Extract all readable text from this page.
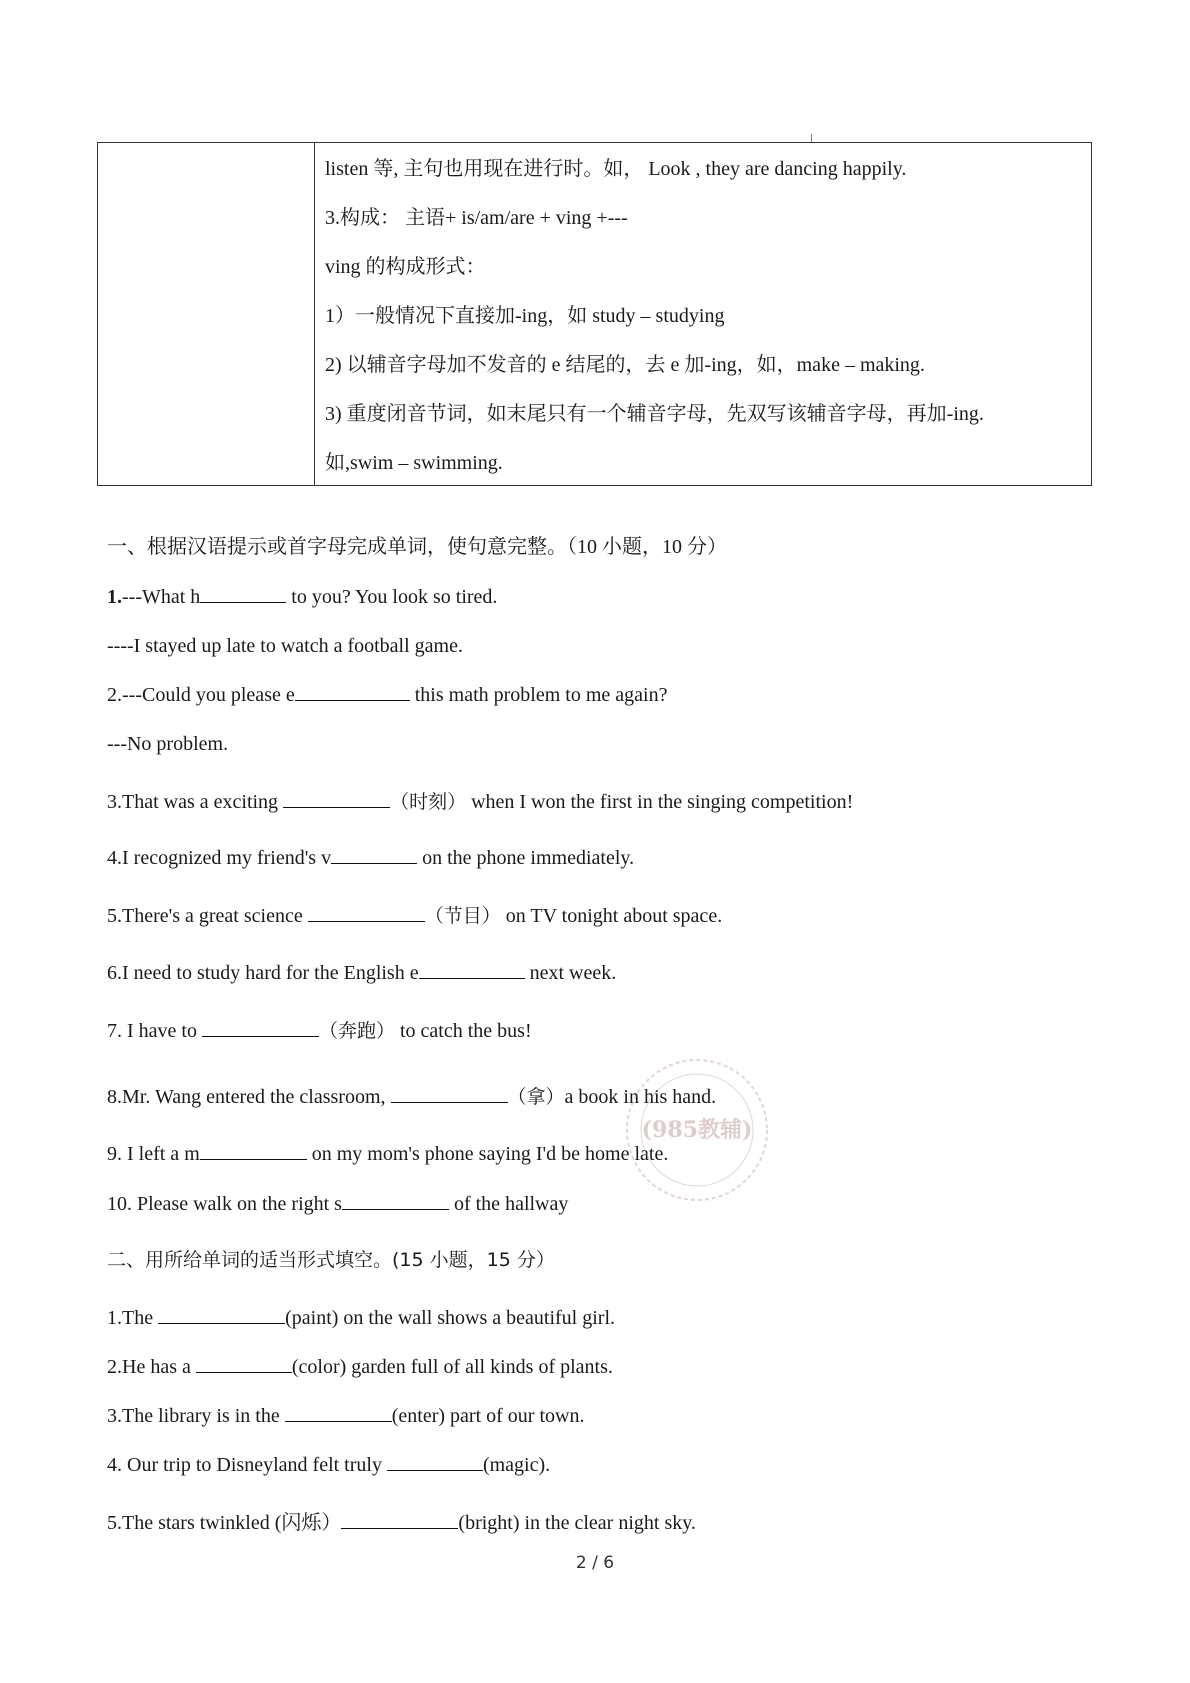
listen 等, 主句也用现在进行时。如， Look , they are dancing happily.
3.构成： 主语+ is/am/are + ving +---
ving 的构成形式：
1）一般情况下直接加-ing，如 study – studying
2) 以辅音字母加不发音的 e 结尾的，去 e 加-ing，如，make – making.
3) 重度闭音节词，如末尾只有一个辅音字母，先双写该辅音字母，再加-ing.
如,swim – swimming.
一、根据汉语提示或首字母完成单词，使句意完整。（10 小题，10 分）
1.---What h	to you? You look so tired.
----I stayed up late to watch a football game.
2.---Could you please e	this math problem to me again?
---No problem.
3.That was a exciting	（时刻） when I won the first in the singing competition!
4.I recognized my friend's v	on the phone immediately.
5.There's a great science	（节目） on TV tonight about space.
6.I need to study hard for the English e	next week.
7. I have to	（奔跑） to catch the bus!
8.Mr. Wang entered the classroom,	（拿）a book in his hand.
9. I left a m	on my mom's phone saying I'd be home late.
10. Please walk on the right s	of the hallway
二、用所给单词的适当形式填空。(15 小题，15 分）
1.The	(paint) on the wall shows a beautiful girl.
2.He has a	(color) garden full of all kinds of plants.
3.The library is in the	(enter) part of our town.
4. Our trip to Disneyland felt truly	(magic).
5.The stars twinkled (闪烁）	(bright) in the clear night sky.
(985教辅)
2 / 6
